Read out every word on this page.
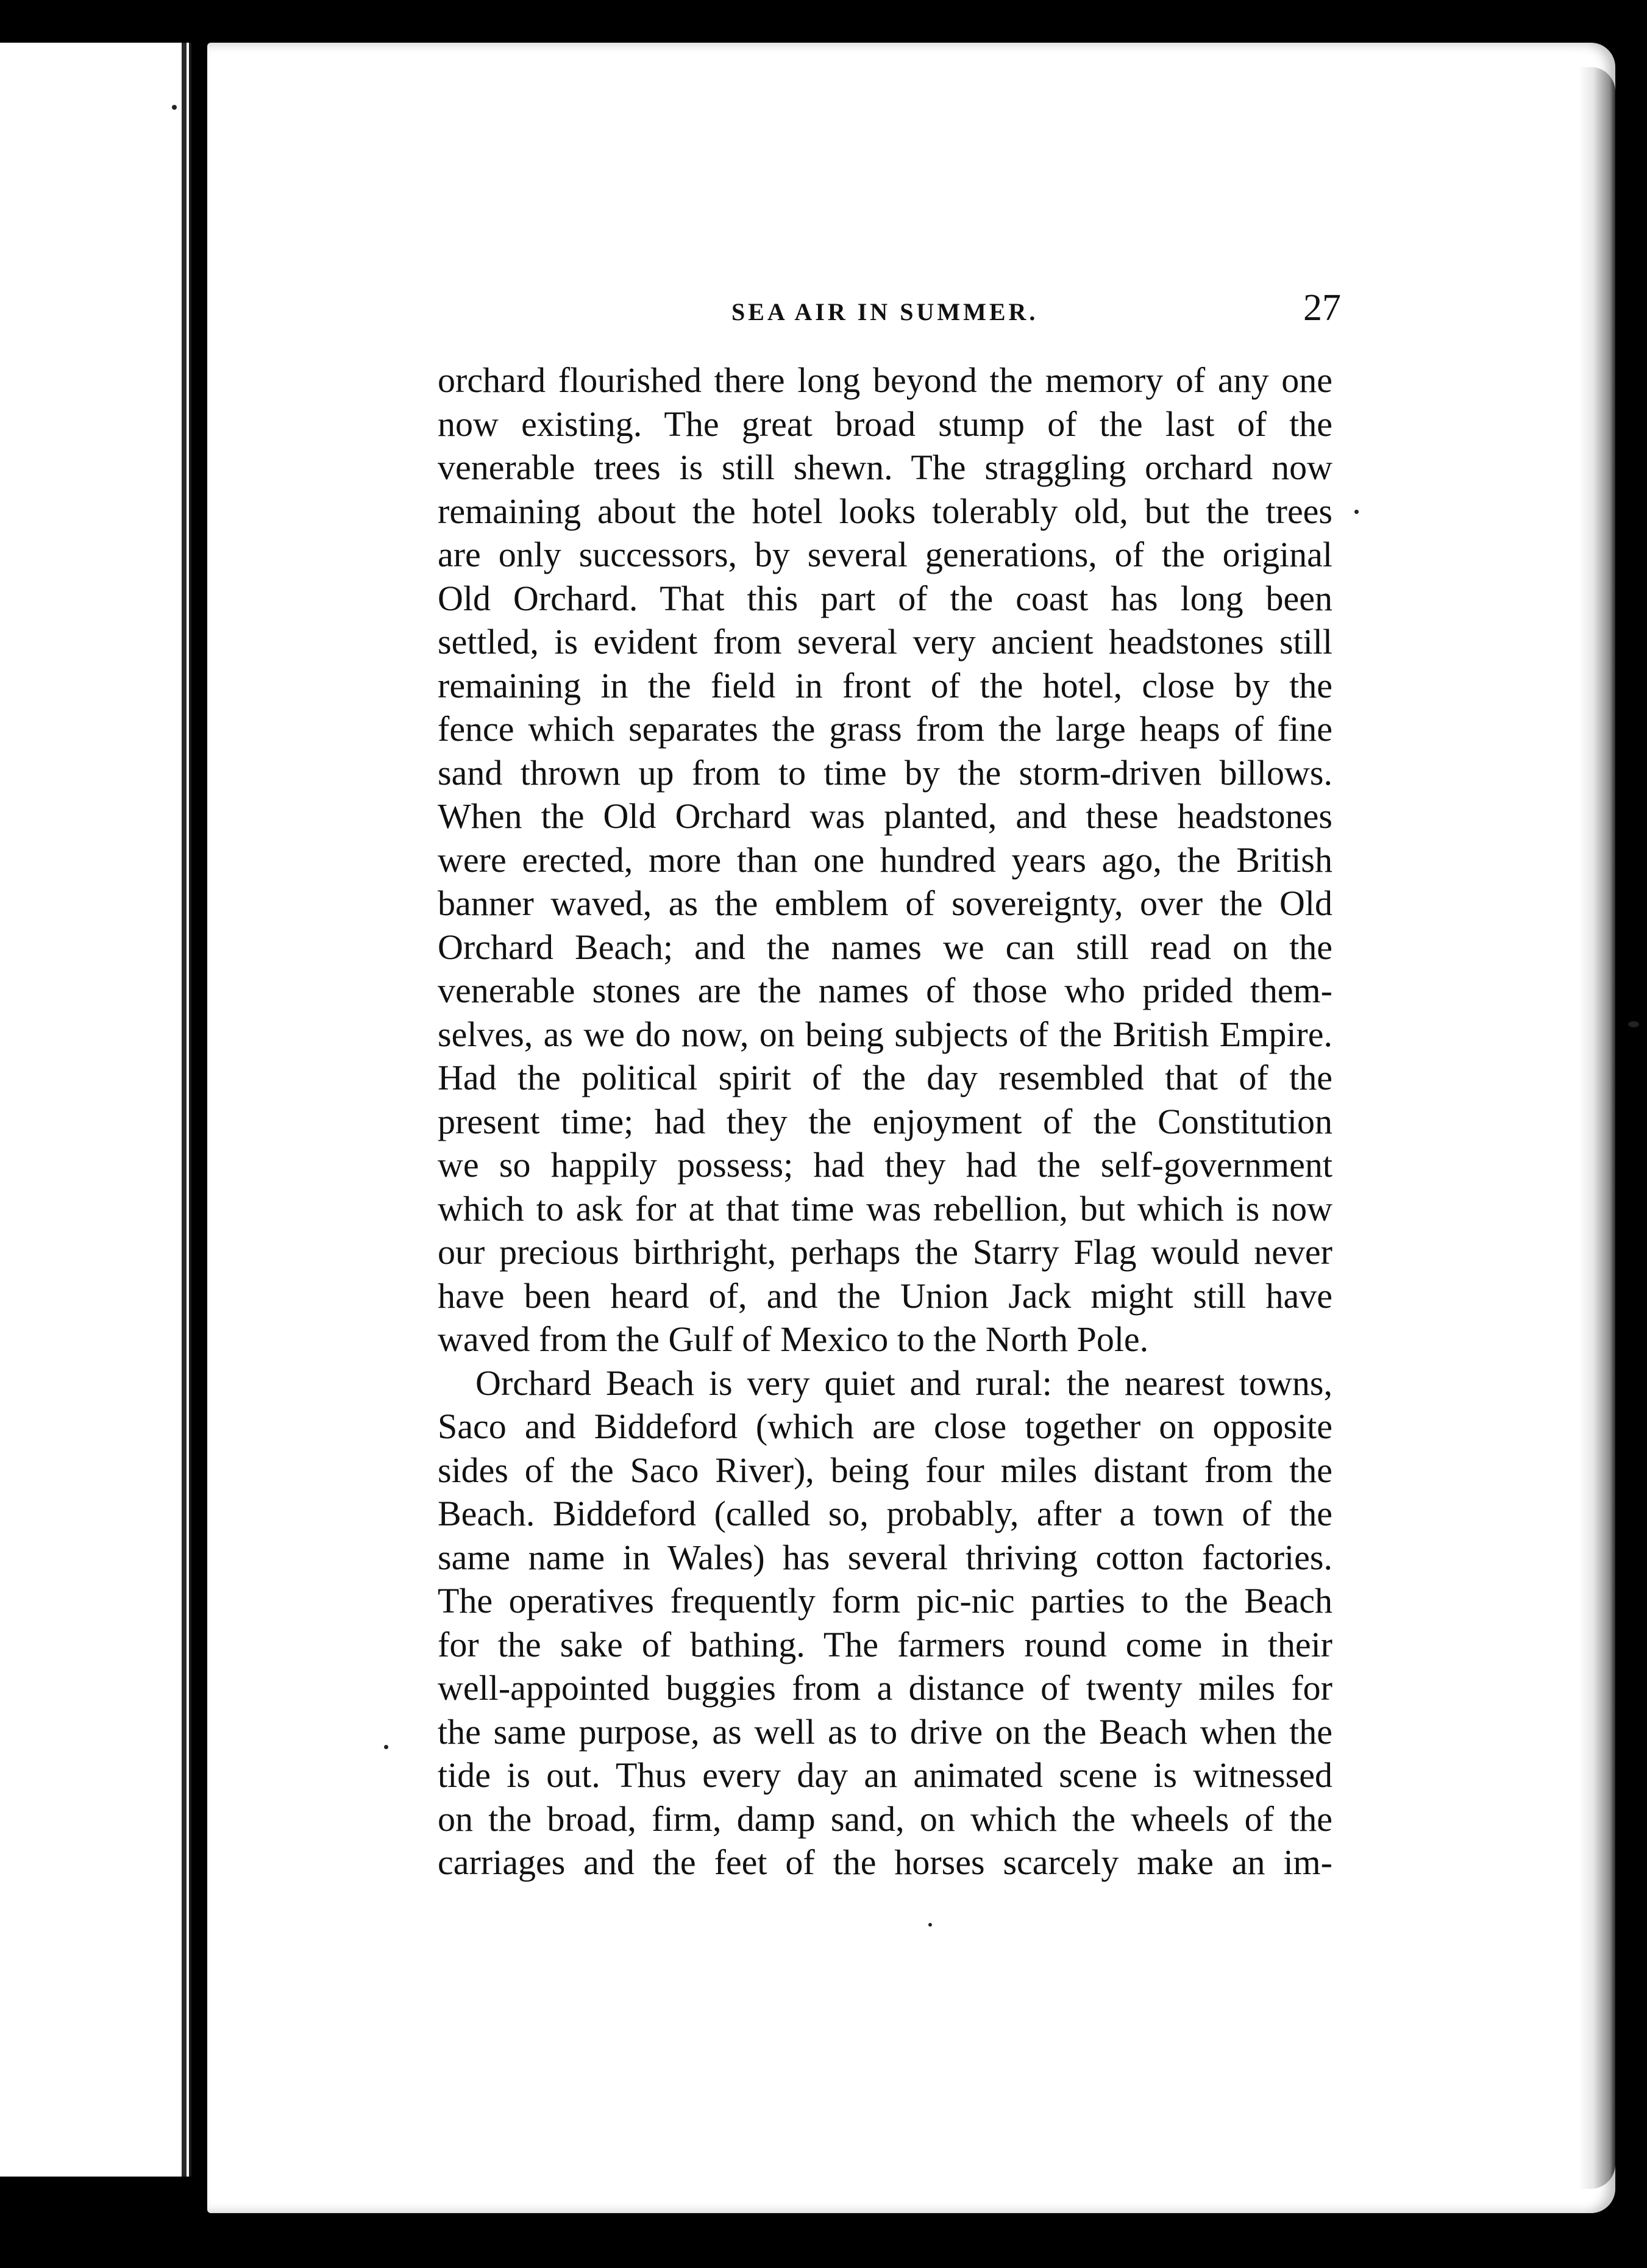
SEA AIR IN SUMMER.	27
orchard flourished there long beyond the memory of any one
now existing. The great broad stump of the last of the
venerable trees is still shewn. The straggling orchard now
remaining about the hotel looks tolerably old, but the trees
are only successors, by several generations, of the original
Old Orchard. That this part of the coast has long been
settled, is evident from several very ancient headstones still
remaining in the field in front of the hotel, close by the
fence which separates the grass from the large heaps of fine
sand thrown up from to time by the storm-driven billows.
When the Old Orchard was planted, and these headstones
were erected, more than one hundred years ago, the British
banner waved, as the emblem of sovereignty, over the Old
Orchard Beach; and the names we can still read on the
venerable stones are the names of those who prided them-
selves, as we do now, on being subjects of the British Empire.
Had the political spirit of the day resembled that of the
present time; had they the enjoyment of the Constitution
we so happily possess; had they had the self-government
which to ask for at that time was rebellion, but which is now
our precious birthright, perhaps the Starry Flag would never
have been heard of, and the Union Jack might still have
waved from the Gulf of Mexico to the North Pole.
Orchard Beach is very quiet and rural: the nearest towns,
Saco and Biddeford (which are close together on opposite
sides of the Saco River), being four miles distant from the
Beach. Biddeford (called so, probably, after a town of the
same name in Wales) has several thriving cotton factories.
The operatives frequently form pic-nic parties to the Beach
for the sake of bathing. The farmers round come in their
well-appointed buggies from a distance of twenty miles for
the same purpose, as well as to drive on the Beach when the
tide is out. Thus every day an animated scene is witnessed
on the broad, firm, damp sand, on which the wheels of the
carriages and the feet of the horses scarcely make an im-
